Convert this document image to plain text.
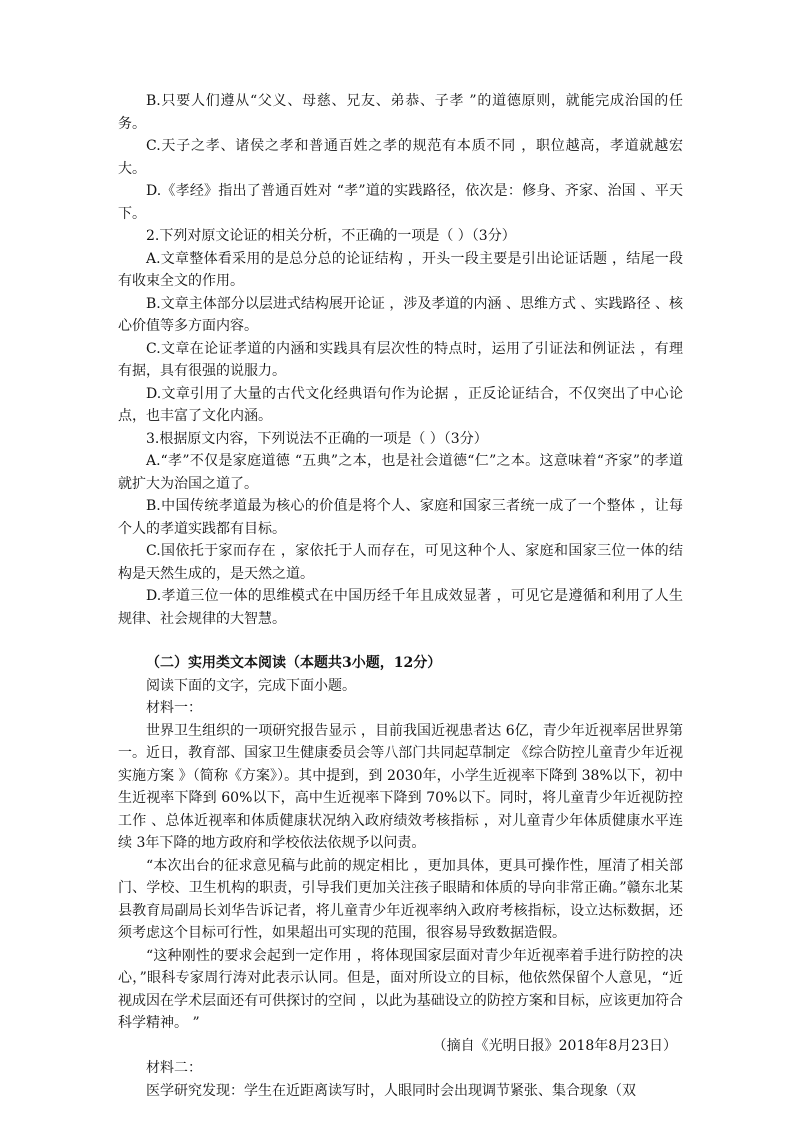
B.只要人们遵从“父义、母慈、兄友、弟恭、子孝 ”的道德原则，就能完成治国的任务。

C.天子之孝、诸侯之孝和普通百姓之孝的规范有本质不同 ，职位越高，孝道就越宏大。

D.《孝经》指出了普通百姓对 “孝”道的实践路径，依次是：修身、齐家、治国 、平天下。

2.下列对原文论证的相关分析，不正确的一项是（ ）（3分）

A.文章整体看采用的是总分总的论证结构 ，开头一段主要是引出论证话题 ，结尾一段有收束全文的作用。

B.文章主体部分以层进式结构展开论证 ，涉及孝道的内涵 、思维方式 、实践路径 、核心价值等多方面内容。

C.文章在论证孝道的内涵和实践具有层次性的特点时，运用了引证法和例证法 ，有理有据，具有很强的说服力。

D.文章引用了大量的古代文化经典语句作为论据 ，正反论证结合，不仅突出了中心论点，也丰富了文化内涵。

3.根据原文内容，下列说法不正确的一项是（ ）（3分）

A.“孝”不仅是家庭道德 “五典”之本，也是社会道德“仁”之本。这意味着“齐家”的孝道就扩大为治国之道了。

B.中国传统孝道最为核心的价值是将个人、家庭和国家三者统一成了一个整体 ，让每个人的孝道实践都有目标。

C.国依托于家而存在 ，家依托于人而存在，可见这种个人、家庭和国家三位一体的结构是天然生成的，是天然之道。

D.孝道三位一体的思维模式在中国历经千年且成效显著 ，可见它是遵循和利用了人生规律、社会规律的大智慧。

（二）实用类文本阅读（本题共3小题，12分）

阅读下面的文字，完成下面小题。

材料一：

世界卫生组织的一项研究报告显示 ，目前我国近视患者达 6亿，青少年近视率居世界第一。近日，教育部、国家卫生健康委员会等八部门共同起草制定 《综合防控儿童青少年近视实施方案 》（简称《方案》）。其中提到，到 2030年，小学生近视率下降到 38%以下，初中生近视率下降到 60%以下，高中生近视率下降到 70%以下。同时，将儿童青少年近视防控工作 、总体近视率和体质健康状况纳入政府绩效考核指标 ，对儿童青少年体质健康水平连续 3年下降的地方政府和学校依法依规予以问责。

“本次出台的征求意见稿与此前的规定相比 ，更加具体，更具可操作性，厘清了相关部门、学校、卫生机构的职责，引导我们更加关注孩子眼睛和体质的导向非常正确。”赣东北某县教育局副局长刘华告诉记者，将儿童青少年近视率纳入政府考核指标，设立达标数据，还须考虑这个目标可行性，如果超出可实现的范围，很容易导致数据造假。

“这种刚性的要求会起到一定作用 ，将体现国家层面对青少年近视率着手进行防控的决心，”眼科专家周行涛对此表示认同。但是，面对所设立的目标，他依然保留个人意见，“近视成因在学术层面还有可供探讨的空间 ，以此为基础设立的防控方案和目标，应该更加符合科学精神。 ”

（摘自《光明日报》2018年8月23日）

材料二：

医学研究发现：学生在近距离读写时，人眼同时会出现调节紧张、集合现象（双
